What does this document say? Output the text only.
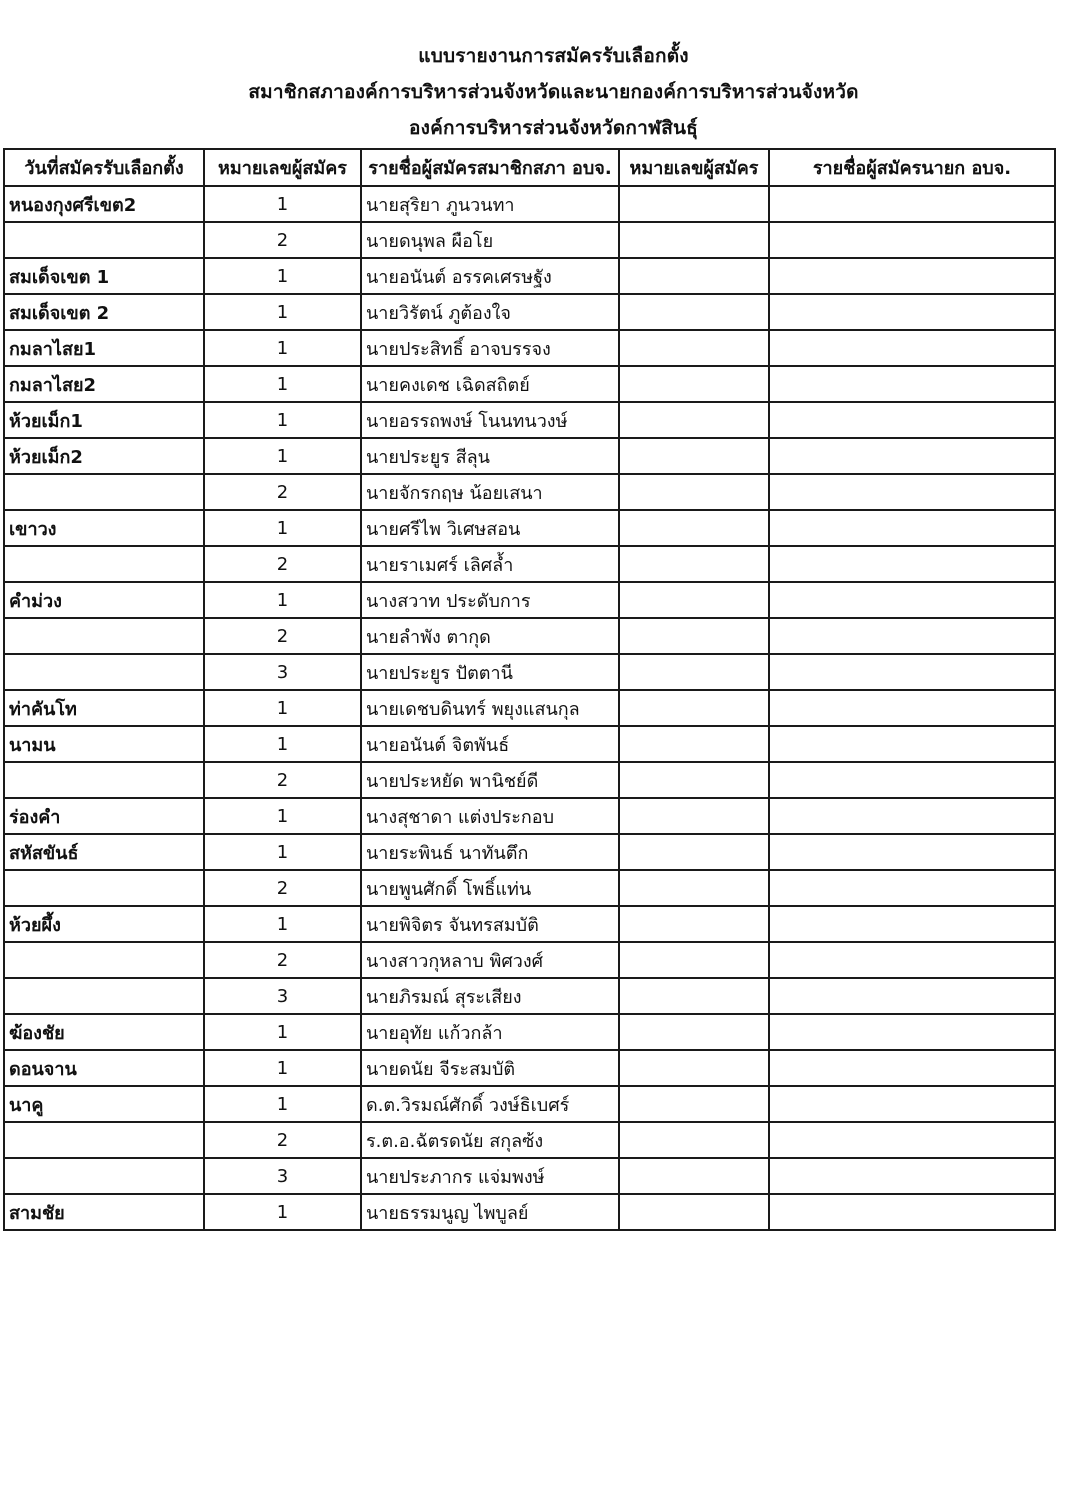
แบบรายงานการสมัครรับเลือกตั้ง
สมาชิกสภาองค์การบริหารส่วนจังหวัดและนายกองค์การบริหารส่วนจังหวัด
องค์การบริหารส่วนจังหวัดกาฬสินธุ์
วันที่สมัครรับเลือกตั้ง	หมายเลขผู้สมัคร	รายชื่อผู้สมัครสมาชิกสภา อบจ.	หมายเลขผู้สมัคร	รายชื่อผู้สมัครนายก อบจ.
หนองกุงศรีเขต2	1	นายสุริยา ภูนวนทา		
	2	นายดนุพล ผือโย		
สมเด็จเขต 1	1	นายอนันต์ อรรคเศรษฐัง		
สมเด็จเขต 2	1	นายวิรัตน์ ภูต้องใจ		
กมลาไสย1	1	นายประสิทธิ์ อาจบรรจง		
กมลาไสย2	1	นายคงเดช เฉิดสถิตย์		
ห้วยเม็ก1	1	นายอรรถพงษ์ โนนทนวงษ์		
ห้วยเม็ก2	1	นายประยูร สีลุน		
	2	นายจักรกฤษ น้อยเสนา		
เขาวง	1	นายศรีไพ วิเศษสอน		
	2	นายราเมศร์ เลิศล้ำ		
คำม่วง	1	นางสวาท ประดับการ		
	2	นายลำพัง ตากุด		
	3	นายประยูร ปัตตานี		
ท่าคันโท	1	นายเดชบดินทร์ พยุงแสนกุล		
นามน	1	นายอนันต์ จิตพันธ์		
	2	นายประหยัด พานิชย์ดี		
ร่องคำ	1	นางสุชาดา แต่งประกอบ		
สหัสขันธ์	1	นายระพินธ์ นาทันตึก		
	2	นายพูนศักดิ์ โพธิ์แท่น		
ห้วยผึ้ง	1	นายพิจิตร จันทรสมบัติ		
	2	นางสาวกุหลาบ พิศวงศ์		
	3	นายภิรมณ์ สุระเสียง		
ฆ้องชัย	1	นายอุทัย แก้วกล้า		
ดอนจาน	1	นายดนัย จีระสมบัติ		
นาคู	1	ด.ต.วิรมณ์ศักดิ์ วงษ์ธิเบศร์		
	2	ร.ต.อ.ฉัตรดนัย สกุลซ้ง		
	3	นายประภากร แจ่มพงษ์		
สามชัย	1	นายธรรมนูญ ไพบูลย์		
